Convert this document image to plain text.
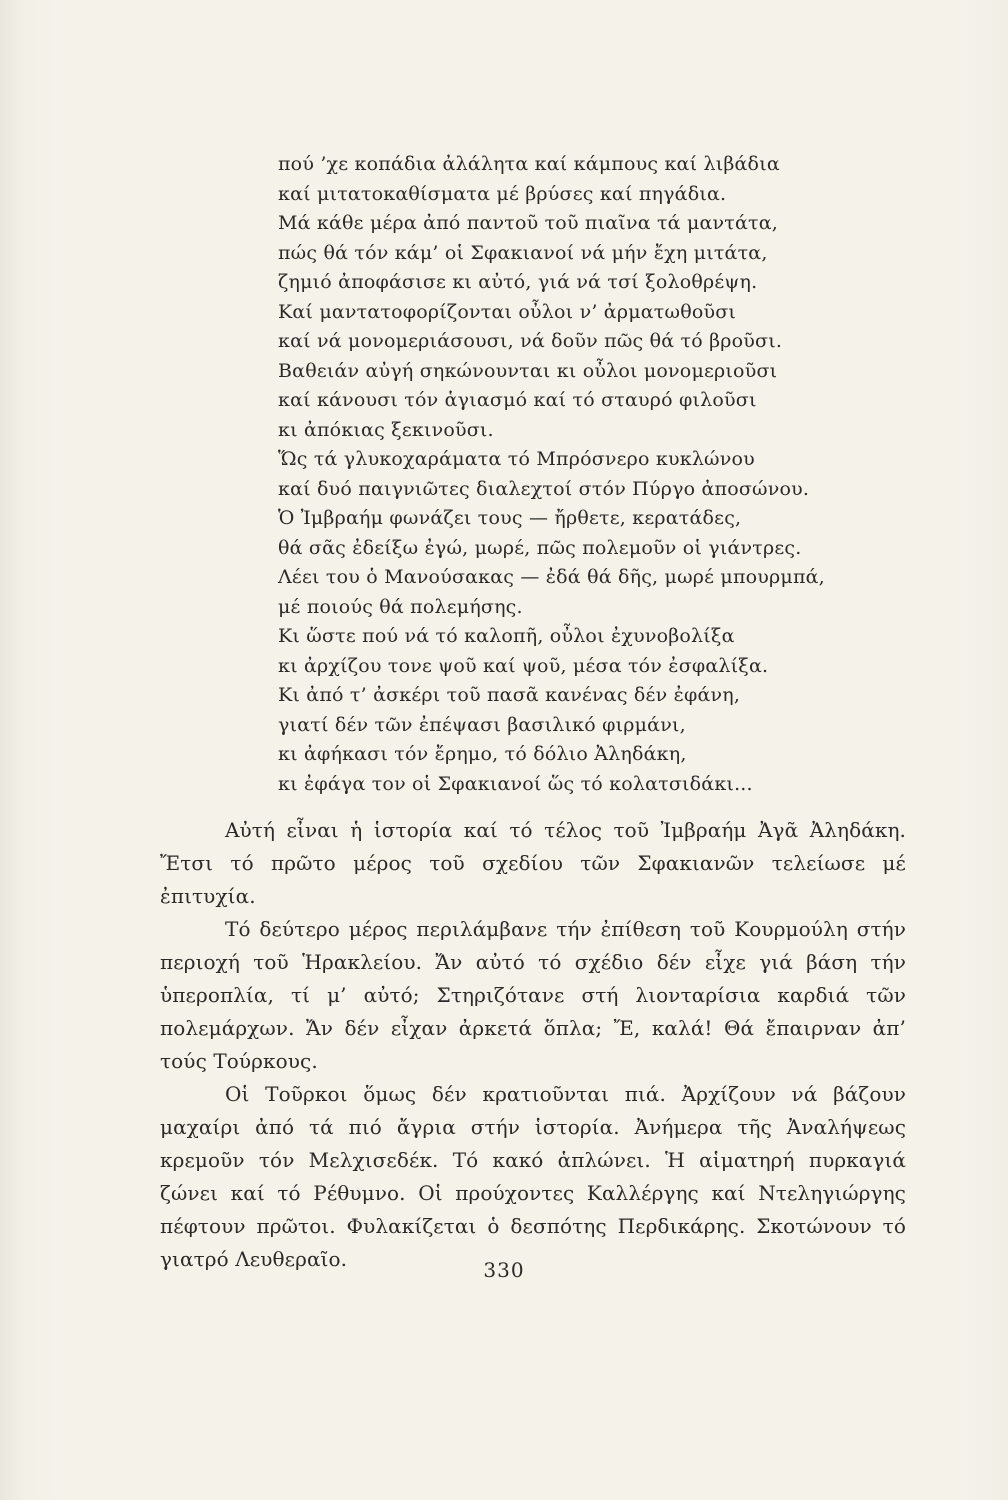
πού ’χε κοπάδια ἀλάλητα καί κάμπους καί λιβάδια
καί μιτατοκαθίσματα μέ βρύσες καί πηγάδια.
Μά κάθε μέρα ἀπό παντοῦ τοῦ πιαῖνα τά μαντάτα,
πώς θά τόν κάμ’ οἱ Σφακιανοί νά μήν ἔχη μιτάτα,
ζημιό ἀποφάσισε κι αὐτό, γιά νά τσί ξολοθρέψη.
Καί μαντατοφορίζονται οὖλοι ν’ ἀρματωθοῦσι
καί νά μονομεριάσουσι, νά δοῦν πῶς θά τό βροῦσι.
Βαθειάν αὐγή σηκώνουνται κι οὖλοι μονομεριοῦσι
καί κάνουσι τόν ἁγιασμό καί τό σταυρό φιλοῦσι
κι ἀπόκιας ξεκινοῦσι.
Ὥς τά γλυκοχαράματα τό Μπρόσνερο κυκλώνου
καί δυό παιγνιῶτες διαλεχτοί στόν Πύργο ἀποσώνου.
Ὁ Ἰμβραήμ φωνάζει τους — ἤρθετε, κερατάδες,
θά σᾶς ἐδείξω ἐγώ, μωρέ, πῶς πολεμοῦν οἱ γιάντρες.
Λέει του ὁ Μανούσακας — ἐδά θά δῆς, μωρέ μπουρμπά,
μέ ποιούς θά πολεμήσης.
Κι ὥστε πού νά τό καλοπῆ, οὖλοι ἐχυνοβολίξα
κι ἀρχίζου τονε ψοῦ καί ψοῦ, μέσα τόν ἐσφαλίξα.
Κι ἀπό τ’ ἀσκέρι τοῦ πασᾶ κανένας δέν ἐφάνη,
γιατί δέν τῶν ἐπέψασι βασιλικό φιρμάνι,
κι ἀφήκασι τόν ἔρημο, τό δόλιο Ἀληδάκη,
κι ἐφάγα τον οἱ Σφακιανοί ὥς τό κολατσιδάκι...
Αὐτή εἶναι ἡ ἱστορία καί τό τέλος τοῦ Ἰμβραήμ Ἀγᾶ Ἀληδάκη. Ἔτσι τό πρῶτο μέρος τοῦ σχεδίου τῶν Σφακιανῶν τελείωσε μέ ἐπιτυχία.
Τό δεύτερο μέρος περιλάμβανε τήν ἐπίθεση τοῦ Κουρμούλη στήν περιοχή τοῦ Ἡρακλείου. Ἄν αὐτό τό σχέδιο δέν εἶχε γιά βάση τήν ὑπεροπλία, τί μ’ αὐτό; Στηριζότανε στή λιονταρίσια καρδιά τῶν πολεμάρχων. Ἄν δέν εἶχαν ἀρκετά ὅπλα; Ἔ, καλά! Θά ἔπαιρναν ἀπ’ τούς Τούρκους.
Οἱ Τοῦρκοι ὅμως δέν κρατιοῦνται πιά. Ἀρχίζουν νά βάζουν μαχαίρι ἀπό τά πιό ἄγρια στήν ἱστορία. Ἀνήμερα τῆς Ἀναλήψεως κρεμοῦν τόν Μελχισεδέκ. Τό κακό ἁπλώνει. Ἡ αἱματηρή πυρκαγιά ζώνει καί τό Ρέθυμνο. Οἱ προύχοντες Καλλέργης καί Ντεληγιώργης πέφτουν πρῶτοι. Φυλακίζεται ὁ δεσπότης Περδικάρης. Σκοτώνουν τό γιατρό Λευθεραῖο.	330
